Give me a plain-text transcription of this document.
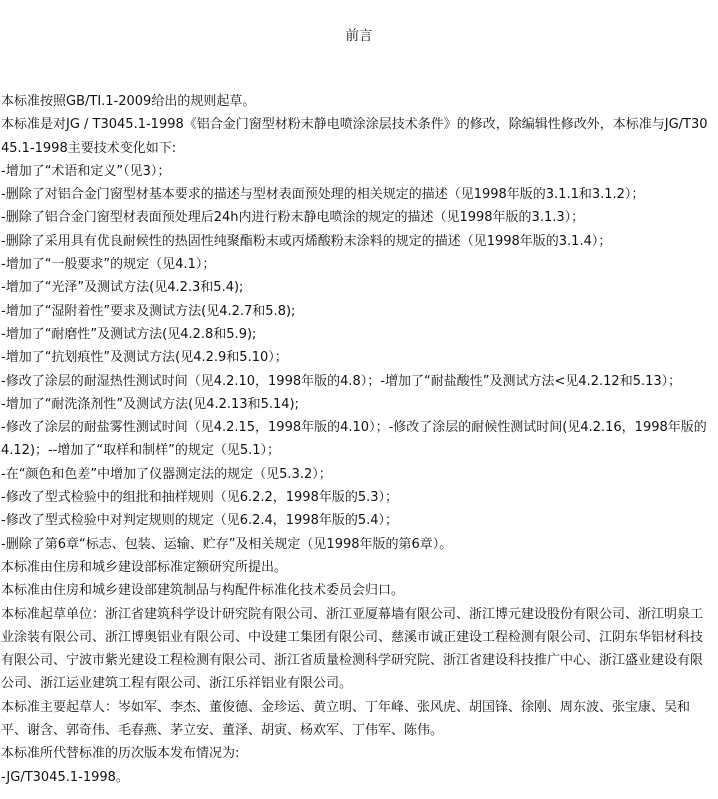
前言
本标准按照GB/TI.1-2009给出的规则起草。
本标准是对JG / T3045.1-1998《铝合金门窗型材粉末静电喷涂涂层技术条件》的修改，除编辑性修改外，本标准与JG/T3045.1-1998主要技术变化如下:
-增加了“术语和定义”（见3）；
-删除了对铝合金门窗型材基本要求的描述与型材表面预处理的相关规定的描述（见1998年版的3.1.1和3.1.2）；
-删除了铝合金门窗型材表面预处理后24h内进行粉末静电喷涂的规定的描述（见1998年版的3.1.3）；
-删除了采用具有优良耐候性的热固性纯聚酯粉末或丙烯酸粉末涂料的规定的描述（见1998年版的3.1.4）；
-增加了“一般要求”的规定（见4.1）；
-增加了“光泽”及测试方法(见4.2.3和5.4);
-增加了“湿附着性”要求及测试方法(见4.2.7和5.8);
-增加了“耐磨性”及测试方法(见4.2.8和5.9);
-增加了“抗划痕性”及测试方法(见4.2.9和5.10）；
-修改了涂层的耐湿热性测试时间（见4.2.10，1998年版的4.8）；-增加了“耐盐酸性”及测试方法<见4.2.12和5.13）；
-增加了“耐洗涤剂性”及测试方法(见4.2.13和5.14);
-修改了涂层的耐盐雾性测试时间（见4.2.15，1998年版的4.10）；-修改了涂层的耐候性测试时间(见4.2.16，1998年版的4.12)；--增加了“取样和制样”的规定（见5.1）；
-在“颜色和色差”中增加了仪器测定法的规定（见5.3.2）；
-修改了型式检验中的组批和抽样规则（见6.2.2，1998年版的5.3）；
-修改了型式检验中对判定规则的规定（见6.2.4，1998年版的5.4）；
-删除了第6章“标志、包装、运输、贮存”及相关规定（见1998年版的第6章）。
本标准由住房和城乡建设部标准定额研究所提出。
本标准由住房和城乡建设部建筑制品与构配件标准化技术委员会归口。
本标准起草单位：浙江省建筑科学设计研究院有限公司、浙江亚厦幕墙有限公司、浙江博元建设股份有限公司、浙江明泉工业涂装有限公司、浙江博奥铝业有限公司、中设建工集团有限公司、慈溪市诚正建设工程检测有限公司、江阴东华铝材科技有限公司、宁波市紫光建设工程检测有限公司、浙江省质量检测科学研究院、浙江省建设科技推广中心、浙江盛业建设有限公司、浙江运业建筑工程有限公司、浙江乐祥铝业有限公司。
本标准主要起草人：岑如军、李杰、董俊德、金珍运、黄立明、丁年峰、张风虎、胡国锋、徐刚、周东波、张宝康、吴和平、谢含、郭奇伟、毛春燕、茅立安、董泽、胡寅、杨欢军、丁伟军、陈伟。
本标准所代替标准的历次版本发布情况为:
-JG/T3045.1-1998。
